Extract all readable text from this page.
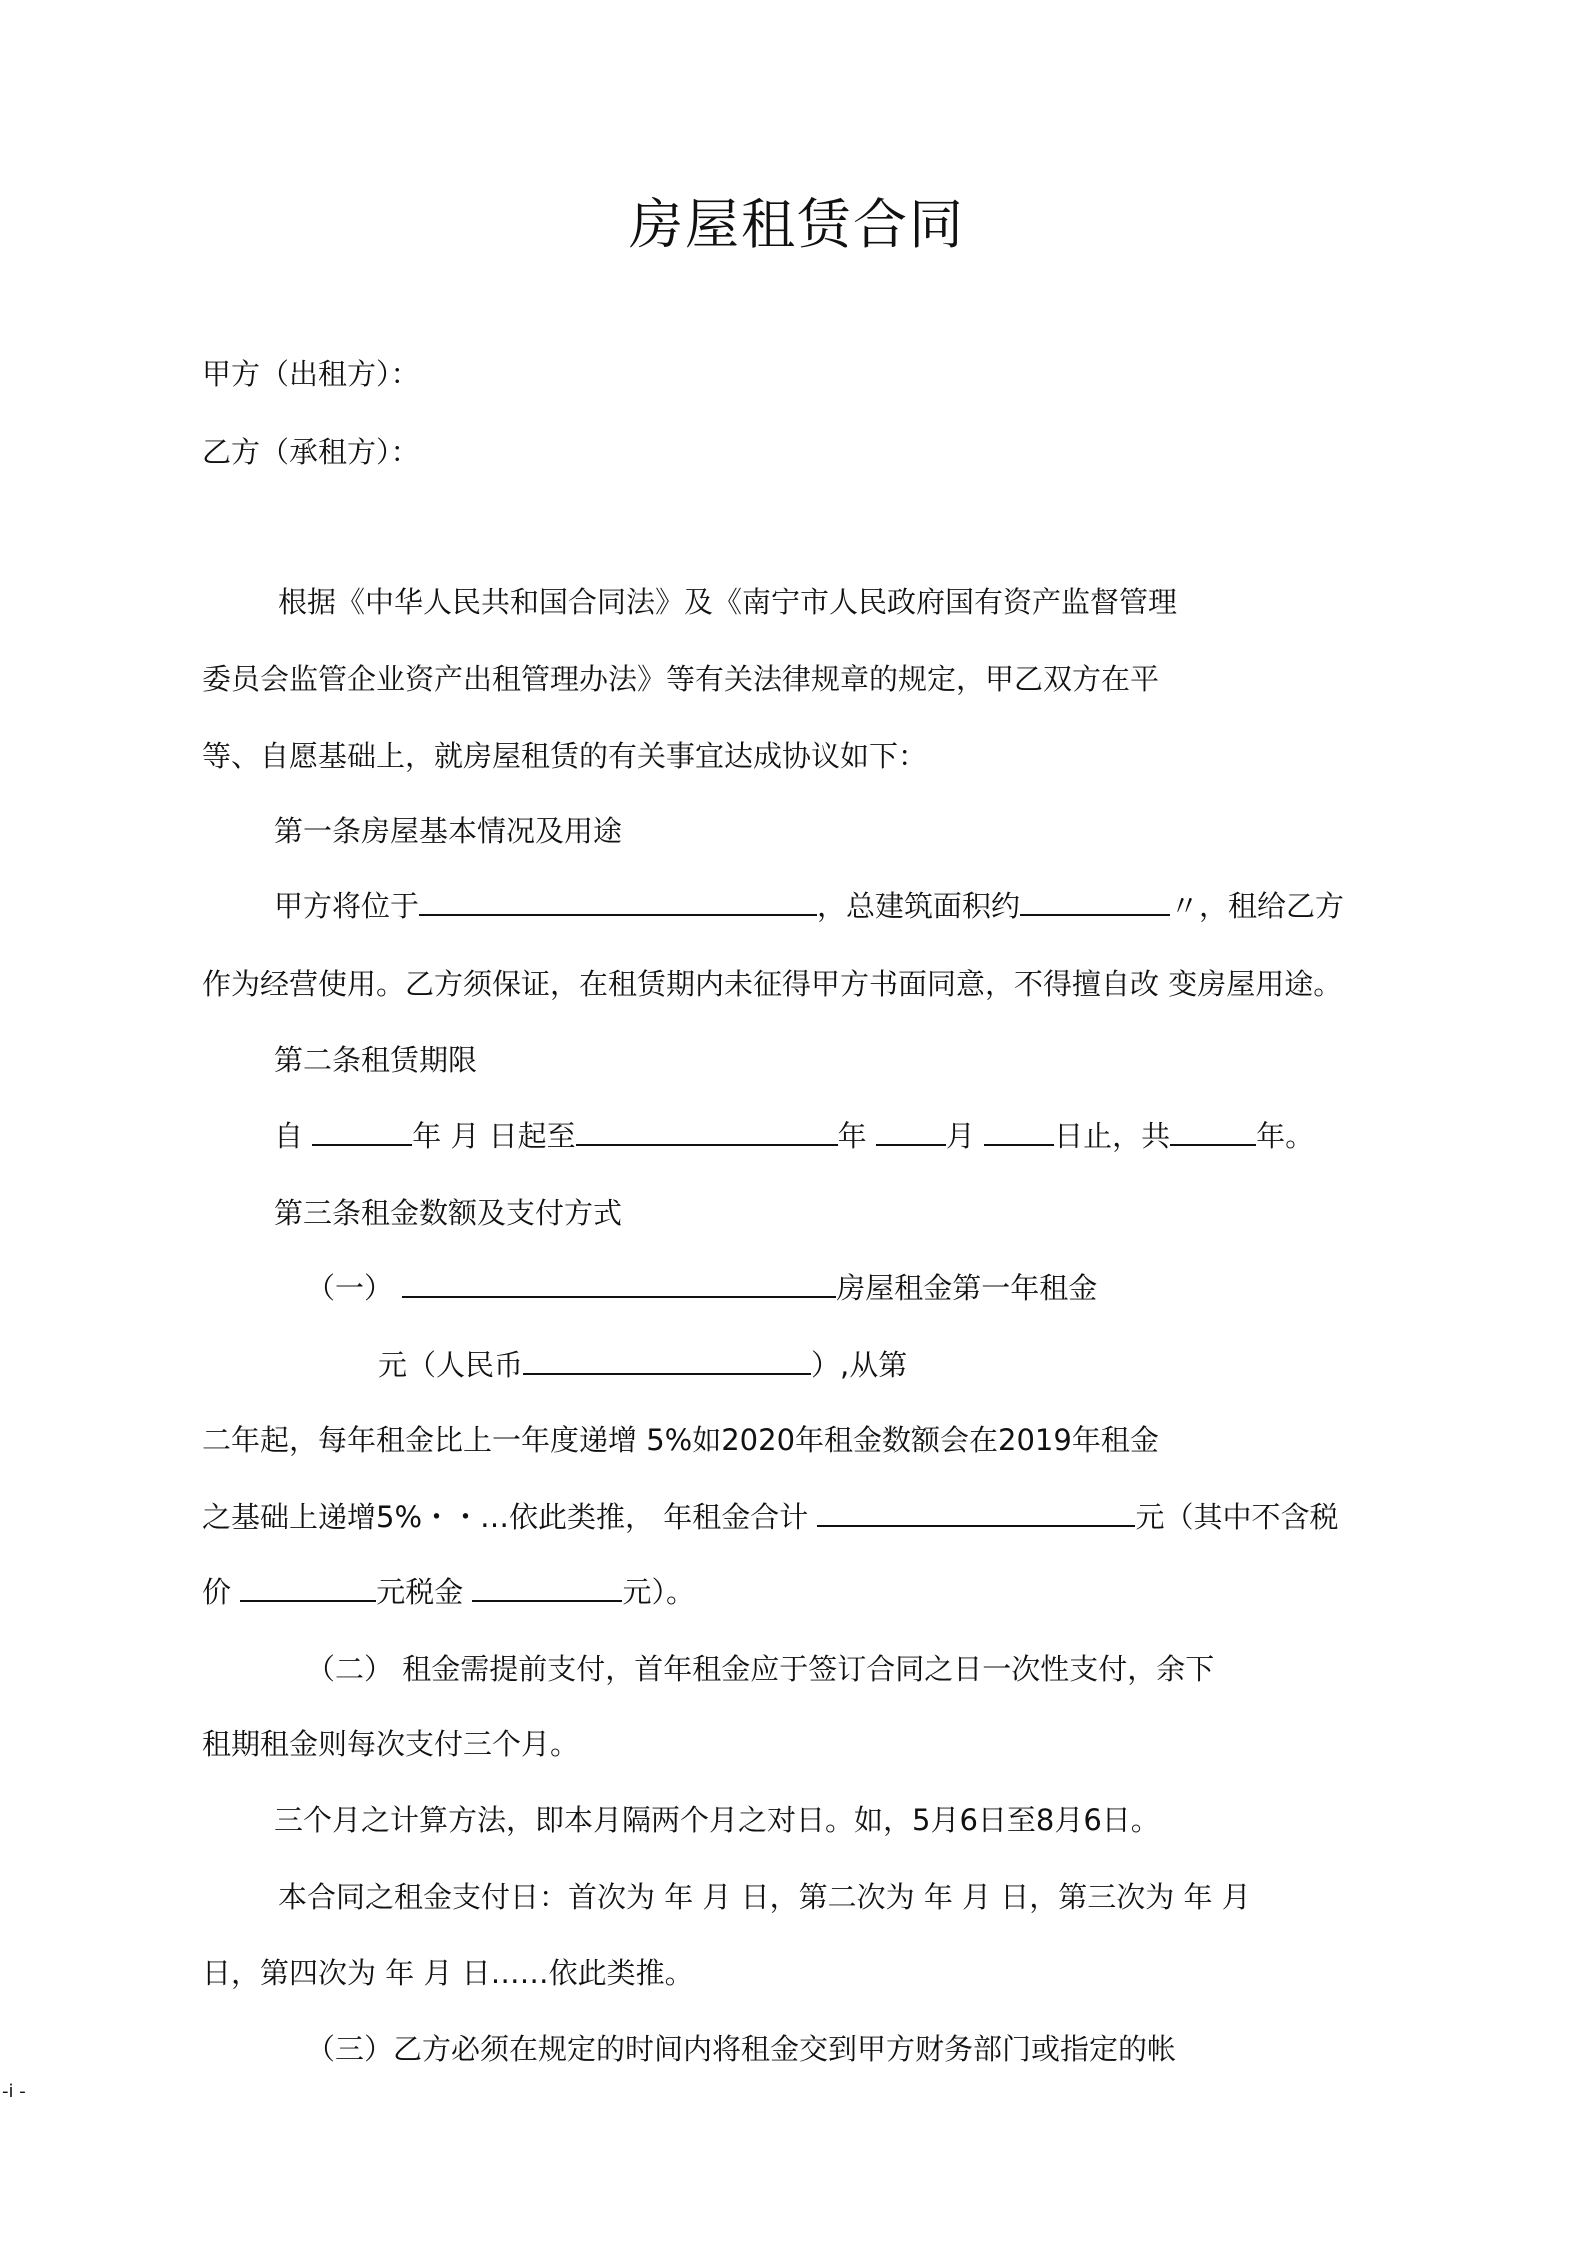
房屋租赁合同
甲方（出租方）：
乙方（承租方）：
根据《中华人民共和国合同法》及《南宁市人民政府国有资产监督管理
委员会监管企业资产出租管理办法》等有关法律规章的规定，甲乙双方在平
等、自愿基础上，就房屋租赁的有关事宜达成协议如下：
第一条房屋基本情况及用途
甲方将位于	，总建筑面积约	〃，租给乙方
作为经营使用。乙方须保证，在租赁期内未征得甲方书面同意，不得擅自改 变房屋用途。
第二条租赁期限
自	年 月 日起至	年	月	日止，共	年。
第三条租金数额及支付方式
（一）	房屋租金第一年租金
元（人民币	）,从第
二年起，每年租金比上一年度递增 5%如2020年租金数额会在2019年租金
之基础上递增5%・・…依此类推， 年租金合计	元（其中不含税
价	元税金	元）。
（二） 租金需提前支付，首年租金应于签订合同之日一次性支付，余下
租期租金则每次支付三个月。
三个月之计算方法，即本月隔两个月之对日。如，5月6日至8月6日。
本合同之租金支付日：首次为 年 月 日，第二次为 年 月 日，第三次为 年 月
日，第四次为 年 月 日……依此类推。
（三）乙方必须在规定的时间内将租金交到甲方财务部门或指定的帐
-i -
